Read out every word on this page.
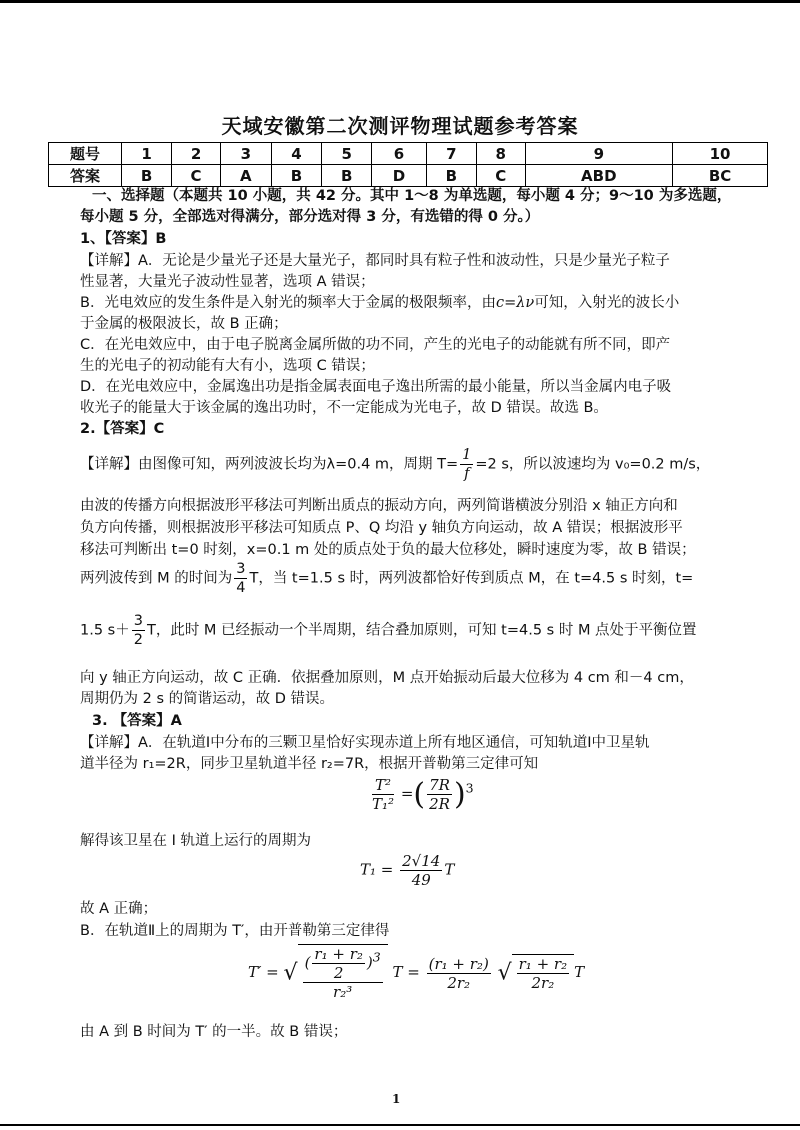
天域安徽第二次测评物理试题参考答案
题号	1	2	3	4	5	6	7	8	9	10
答案	B	C	A	B	B	D	B	C	ABD	BC
一、选择题（本题共 10 小题，共 42 分。其中 1～8 为单选题，每小题 4 分；9～10 为多选题，
每小题 5 分，全部选对得满分，部分选对得 3 分，有选错的得 0 分。）
1、【答案】B
【详解】A．无论是少量光子还是大量光子，都同时具有粒子性和波动性，只是少量光子粒子
性显著，大量光子波动性显著，选项 A 错误；
B．光电效应的发生条件是入射光的频率大于金属的极限频率，由c=λν可知，入射光的波长小
于金属的极限波长，故 B 正确；
C．在光电效应中，由于电子脱离金属所做的功不同，产生的光电子的动能就有所不同，即产
生的光电子的初动能有大有小，选项 C 错误；
D．在光电效应中，金属逸出功是指金属表面电子逸出所需的最小能量，所以当金属内电子吸
收光子的能量大于该金属的逸出功时，不一定能成为光电子，故 D 错误。故选 B。
2.【答案】C
【详解】由图像可知，两列波波长均为λ=0.4 m，周期 $T= \frac{1}{f} =2$ s，所以波速均为 v₀=0.2 m/s，
由波的传播方向根据波形平移法可判断出质点的振动方向，两列简谐横波分别沿 x 轴正方向和
负方向传播，则根据波形平移法可知质点 P、Q 均沿 y 轴负方向运动，故 A 错误；根据波形平
移法可判断出 t=0 时刻，x=0.1 m 处的质点处于负的最大位移处，瞬时速度为零，故 B 错误；
两列波传到 M 的时间为 $\frac{3}{4}$ T，当 t=1.5 s 时，两列波都恰好传到质点 M，在 t=4.5 s 时刻，t=
1.5 $s+ \frac{3}{2}$ T，此时 M 已经振动一个半周期，结合叠加原则，可知 t=4.5 s 时 M 点处于平衡位置
向 y 轴正方向运动，故 C 正确．依据叠加原则，M 点开始振动后最大位移为 4 cm 和－4 cm，
周期仍为 2 s 的简谐运动，故 D 错误。
3. 【答案】A
【详解】A．在轨道Ⅰ中分布的三颗卫星恰好实现赤道上所有地区通信，可知轨道Ⅰ中卫星轨
道半径为 r₁=2R，同步卫星轨道半径 r₂=7R，根据开普勒第三定律可知
$\frac{\text{T²}}{\text{T₁²}}$ =( $\frac{7R}{2R} )^3$
解得该卫星在 I 轨道上运行的周期为
$T_1 = \frac{2√14}{49}$ T
故 A 正确；
B．在轨道Ⅱ上的周期为 T′，由开普勒第三定律得
T′ = √ $\frac{( \frac{\text{r₁ + r₂}}{2} )^3}{\text{r₂³}}$ $T = \frac{\text{(r₁ + r₂)}}{\text{2r₂}}$ √ $\frac{\text{r₁ + r₂}}{\text{2r₂}}$ T
由 A 到 B 时间为 T′ 的一半。故 B 错误；
1
